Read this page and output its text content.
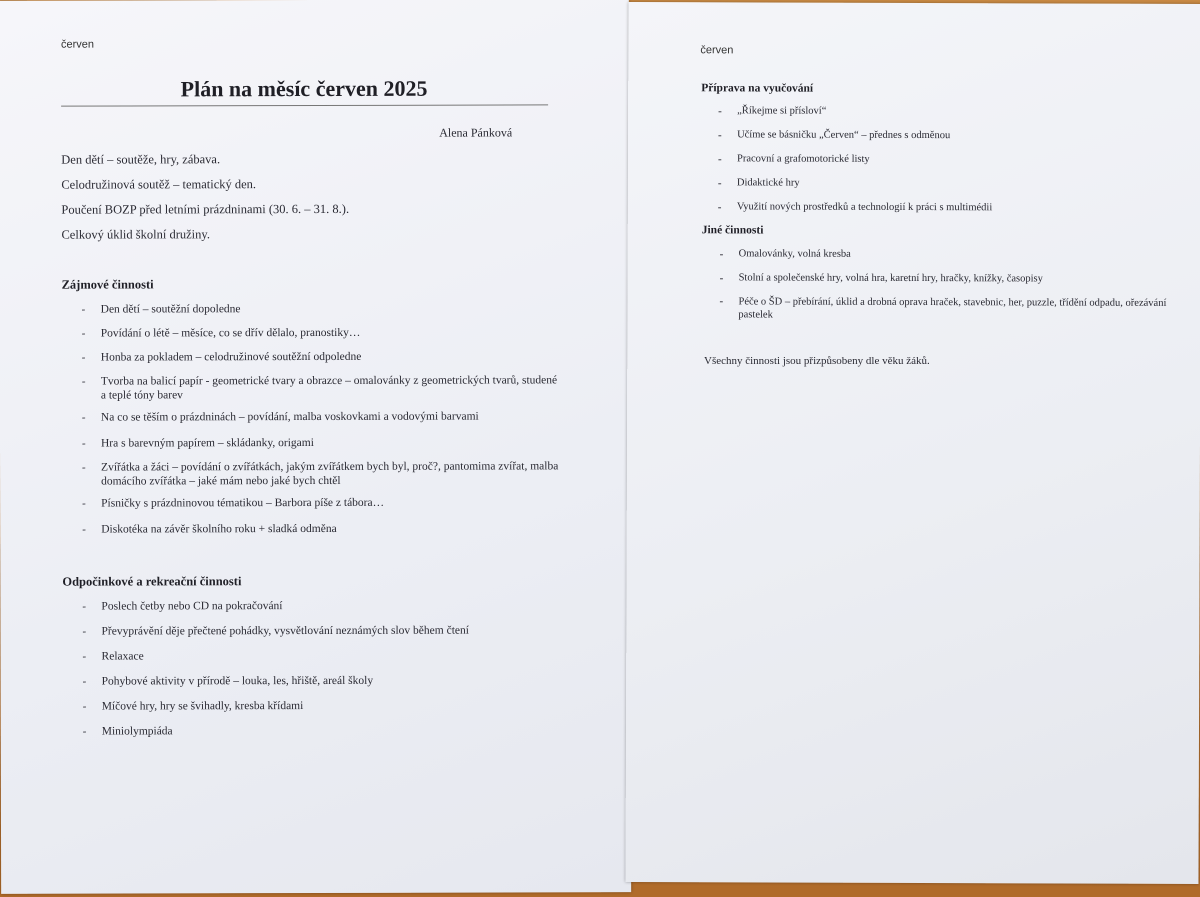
červen
Plán na měsíc červen 2025
Alena Pánková
Den dětí – soutěže, hry, zábava.
Celodružinová soutěž – tematický den.
Poučení BOZP před letními prázdninami (30. 6. – 31. 8.).
Celkový úklid školní družiny.
Zájmové činnosti
- Den dětí – soutěžní dopoledne
- Povídání o létě – měsíce, co se dřív dělalo, pranostiky…
- Honba za pokladem – celodružinové soutěžní odpoledne
- Tvorba na balicí papír - geometrické tvary a obrazce – omalovánky z geometrických tvarů, studené a teplé tóny barev
- Na co se těším o prázdninách – povídání, malba voskovkami a vodovými barvami
- Hra s barevným papírem – skládanky, origami
- Zvířátka a žáci – povídání o zvířátkách, jakým zvířátkem bych byl, proč?, pantomima zvířat, malba domácího zvířátka – jaké mám nebo jaké bych chtěl
- Písničky s prázdninovou tématikou – Barbora píše z tábora…
- Diskotéka na závěr školního roku + sladká odměna
Odpočinkové a rekreační činnosti
- Poslech četby nebo CD na pokračování
- Převyprávění děje přečtené pohádky, vysvětlování neznámých slov během čtení
- Relaxace
- Pohybové aktivity v přírodě – louka, les, hřiště, areál školy
- Míčové hry, hry se švihadly, kresba křídami
- Miniolympiáda
červen
Příprava na vyučování
- „Říkejme si přísloví“
- Učíme se básničku „Červen“ – přednes s odměnou
- Pracovní a grafomotorické listy
- Didaktické hry
- Využití nových prostředků a technologií k práci s multimédii
Jiné činnosti
- Omalovánky, volná kresba
- Stolní a společenské hry, volná hra, karetní hry, hračky, knížky, časopisy
- Péče o ŠD – přebírání, úklid a drobná oprava hraček, stavebnic, her, puzzle, třídění odpadu, ořezávání pastelek
Všechny činnosti jsou přizpůsobeny dle věku žáků.
